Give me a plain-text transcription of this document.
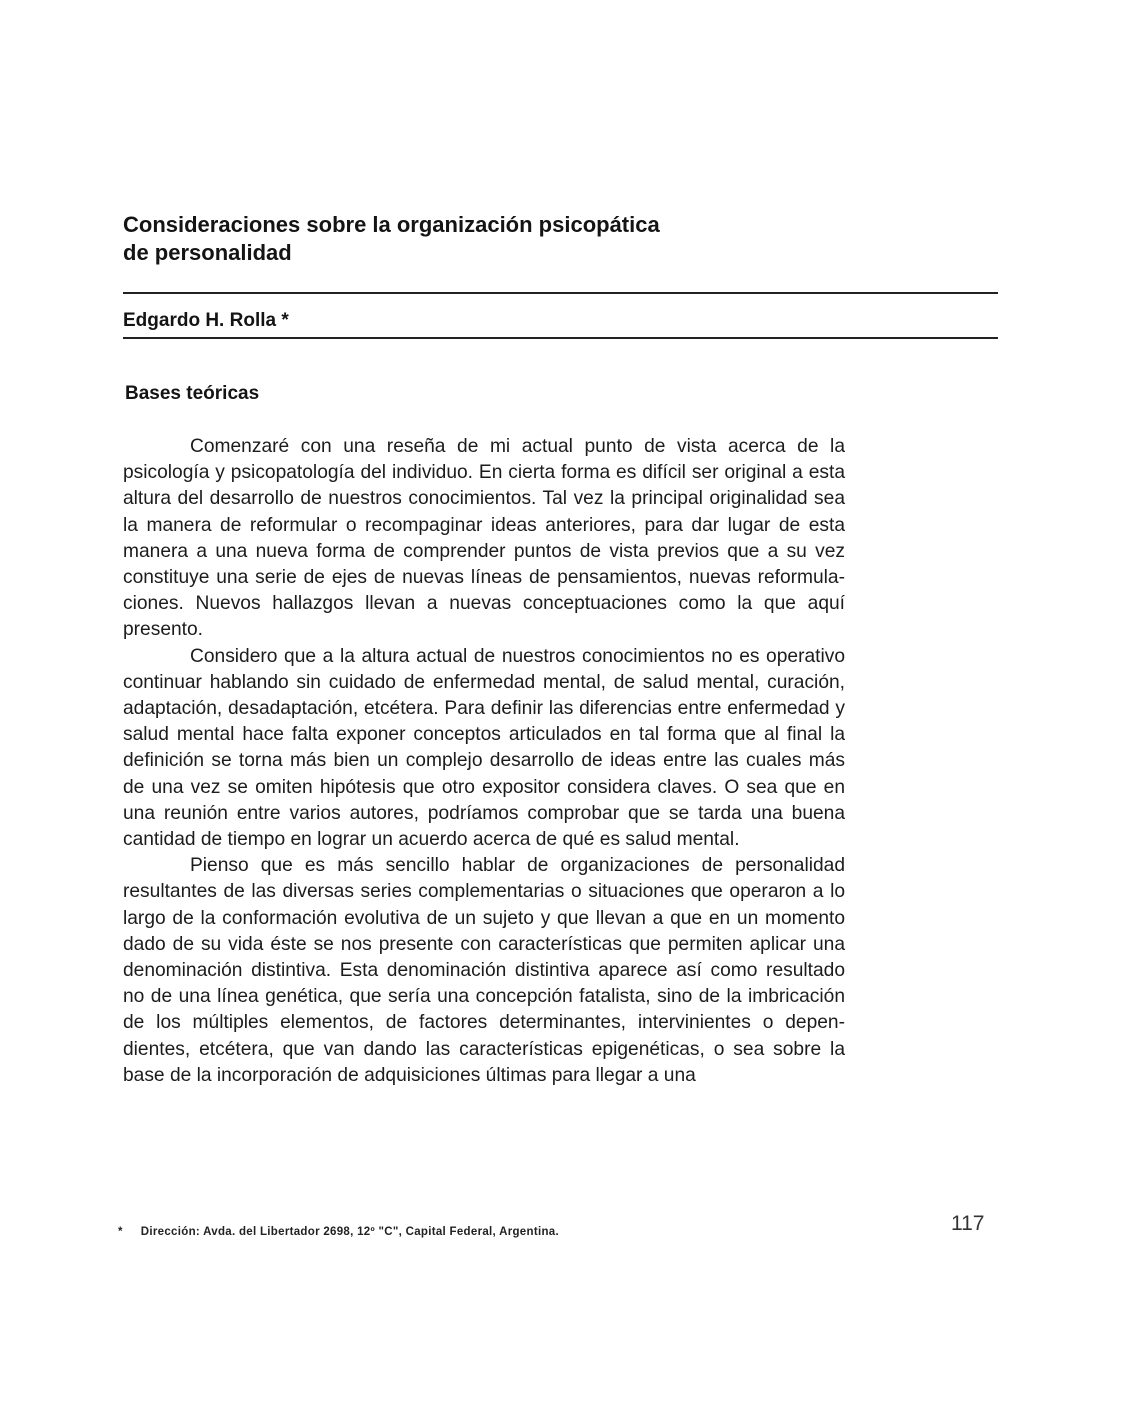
Consideraciones sobre la organización psicopática
de personalidad
Edgardo H. Rolla *
Bases teóricas

Comenzaré con una reseña de mi actual punto de vista acerca de la psicología y psicopatología del individuo. En cierta forma es difícil ser original a esta altura del desarrollo de nuestros conocimientos. Tal vez la principal originalidad sea la manera de reformular o recompaginar ideas anteriores, para dar lugar de esta manera a una nueva forma de comprender puntos de vista previos que a su vez constituye una serie de ejes de nuevas líneas de pensamientos, nuevas reformulaciones. Nuevos hallazgos llevan a nuevas conceptuaciones como la que aquí presento.

Considero que a la altura actual de nuestros conocimientos no es operativo continuar hablando sin cuidado de enfermedad mental, de salud mental, curación, adaptación, desadaptación, etcétera. Para definir las diferencias entre enfermedad y salud mental hace falta exponer conceptos articulados en tal forma que al final la definición se torna más bien un complejo desarrollo de ideas entre las cuales más de una vez se omiten hipótesis que otro expositor considera claves. O sea que en una reunión entre varios autores, podríamos comprobar que se tarda una buena cantidad de tiempo en lograr un acuerdo acerca de qué es salud mental.

Pienso que es más sencillo hablar de organizaciones de personalidad resultantes de las diversas series complementarias o situaciones que operaron a lo largo de la conformación evolutiva de un sujeto y que llevan a que en un momento dado de su vida éste se nos presente con características que permiten aplicar una denominación distintiva. Esta denominación distintiva aparece así como resultado no de una línea genética, que sería una concepción fatalista, sino de la imbricación de los múltiples elementos, de factores determinantes, intervinientes o dependientes, etcétera, que van dando las características epigenéticas, o sea sobre la base de la incorporación de adquisiciones últimas para llegar a una

* Dirección: Avda. del Libertador 2698, 12º "C", Capital Federal, Argentina.	117
